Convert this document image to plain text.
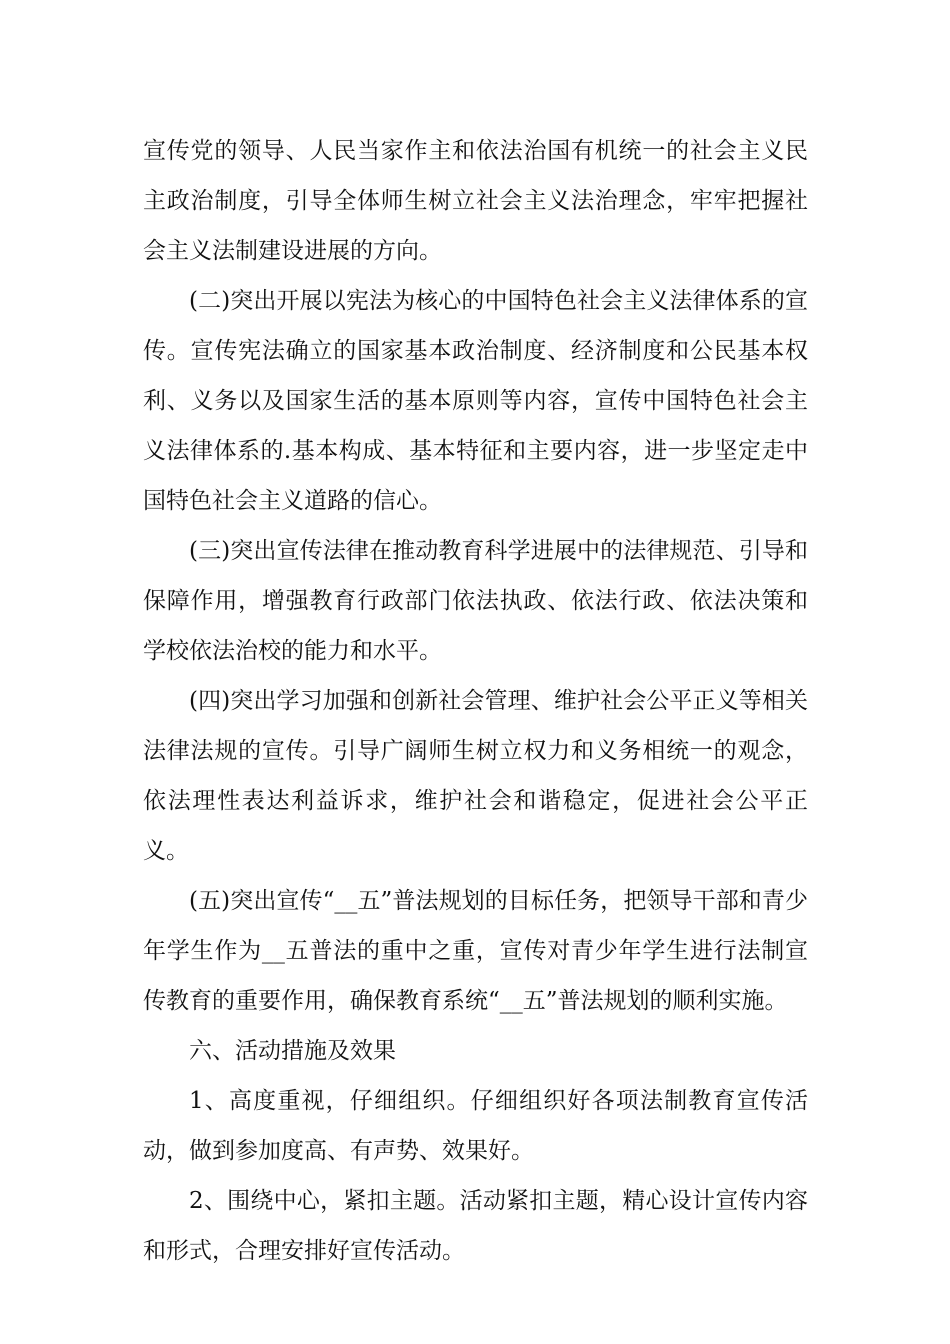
宣传党的领导、人民当家作主和依法治国有机统一的社会主义民主政治制度，引导全体师生树立社会主义法治理念，牢牢把握社会主义法制建设进展的方向。

(二)突出开展以宪法为核心的中国特色社会主义法律体系的宣传。宣传宪法确立的国家基本政治制度、经济制度和公民基本权利、义务以及国家生活的基本原则等内容，宣传中国特色社会主义法律体系的.基本构成、基本特征和主要内容，进一步坚定走中国特色社会主义道路的信心。

(三)突出宣传法律在推动教育科学进展中的法律规范、引导和保障作用，增强教育行政部门依法执政、依法行政、依法决策和学校依法治校的能力和水平。

(四)突出学习加强和创新社会管理、维护社会公平正义等相关法律法规的宣传。引导广阔师生树立权力和义务相统一的观念，依法理性表达利益诉求，维护社会和谐稳定，促进社会公平正义。

(五)突出宣传“__五”普法规划的目标任务，把领导干部和青少年学生作为__五普法的重中之重，宣传对青少年学生进行法制宣传教育的重要作用，确保教育系统“__五”普法规划的顺利实施。

六、活动措施及效果

1、高度重视，仔细组织。仔细组织好各项法制教育宣传活动，做到参加度高、有声势、效果好。

2、围绕中心，紧扣主题。活动紧扣主题，精心设计宣传内容和形式，合理安排好宣传活动。
